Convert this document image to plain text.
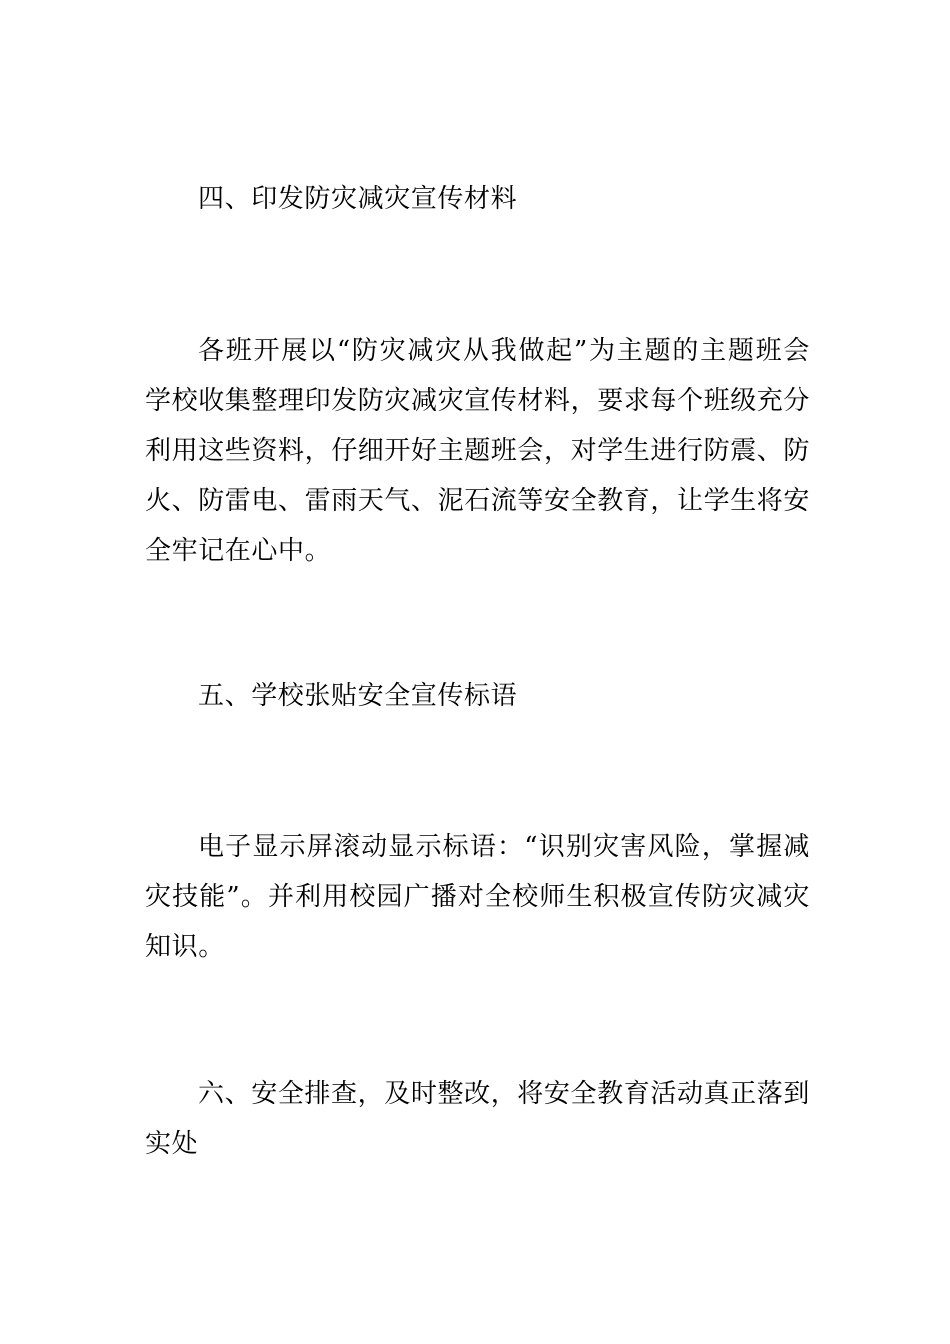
四、印发防灾减灾宣传材料

各班开展以“防灾减灾从我做起”为主题的主题班会学校收集整理印发防灾减灾宣传材料，要求每个班级充分利用这些资料，仔细开好主题班会，对学生进行防震、防火、防雷电、雷雨天气、泥石流等安全教育，让学生将安全牢记在心中。

五、学校张贴安全宣传标语

电子显示屏滚动显示标语：“识别灾害风险，掌握减灾技能”。并利用校园广播对全校师生积极宣传防灾减灾知识。

六、安全排查，及时整改，将安全教育活动真正落到实处
